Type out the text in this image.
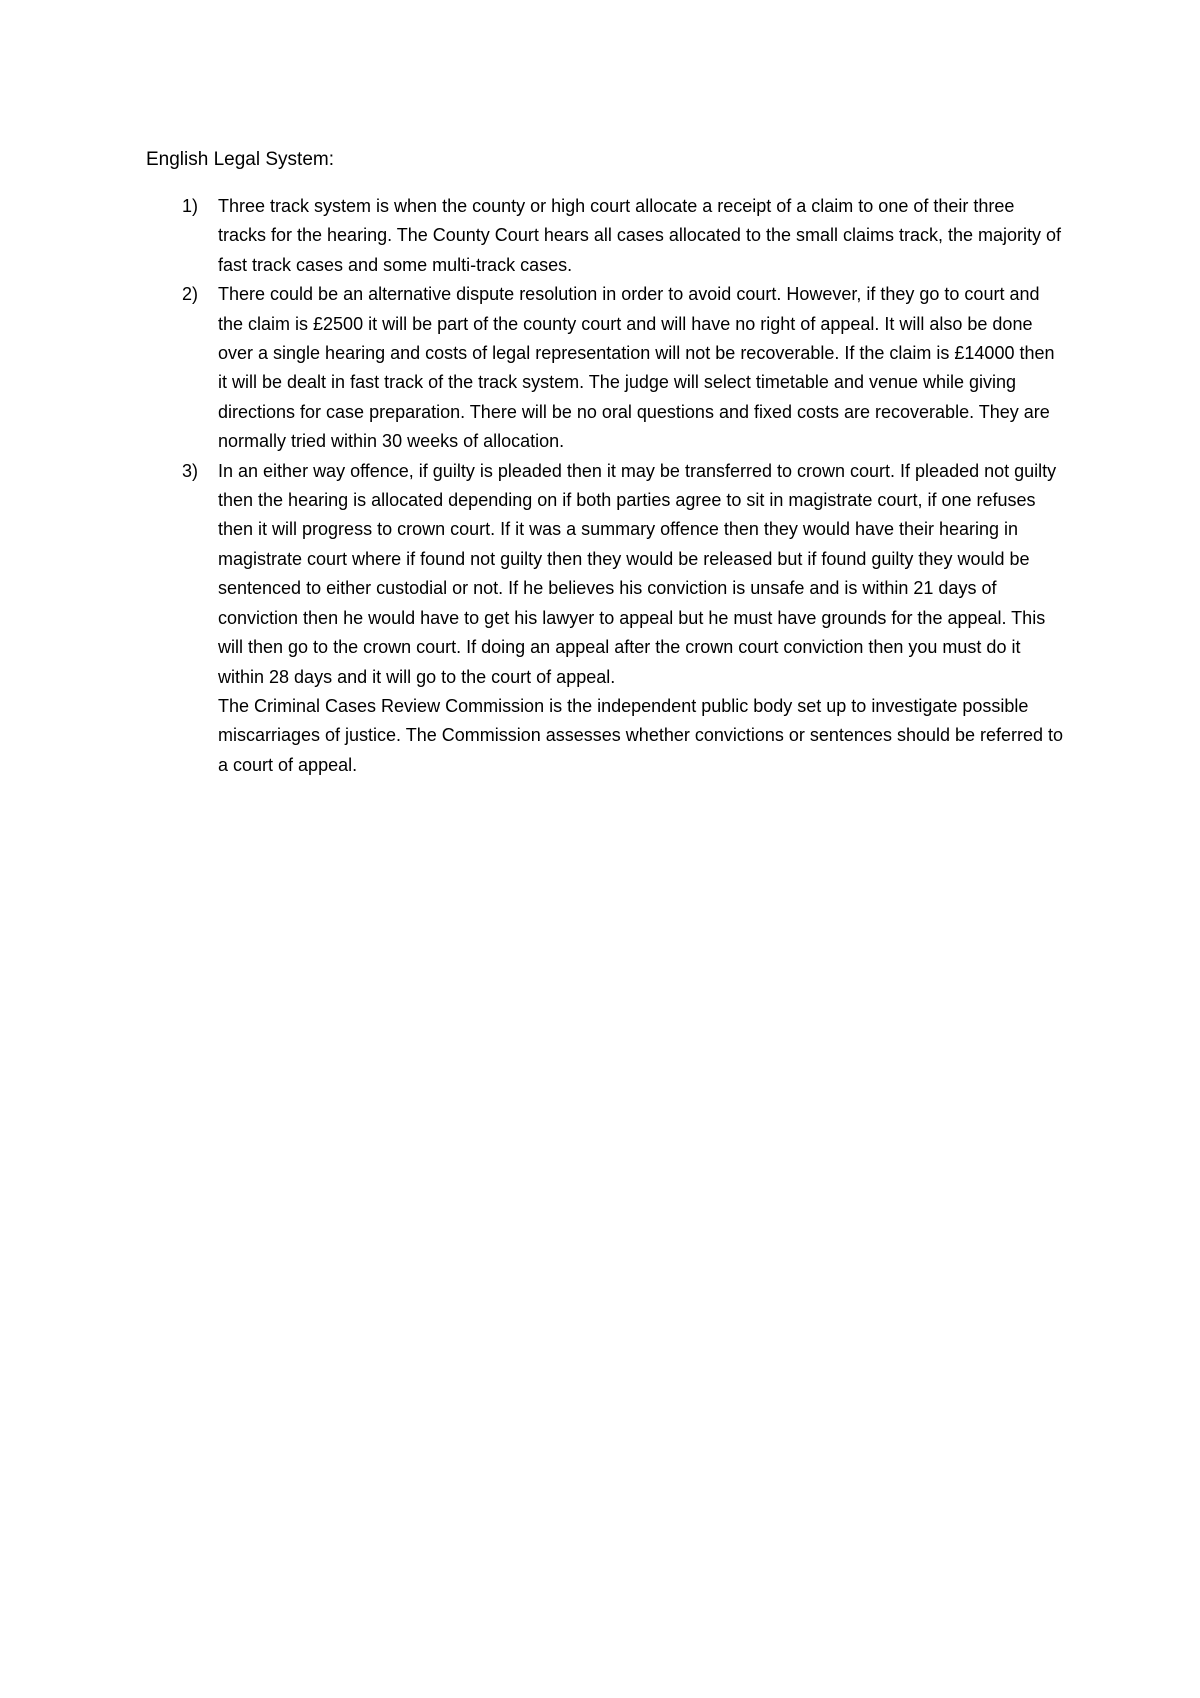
English Legal System:
1)	Three track system is when the county or high court allocate a receipt of a claim to one of their three tracks for the hearing. The County Court hears all cases allocated to the small claims track, the majority of fast track cases and some multi-track cases.
2)	There could be an alternative dispute resolution in order to avoid court. However, if they go to court and the claim is £2500 it will be part of the county court and will have no right of appeal. It will also be done over a single hearing and costs of legal representation will not be recoverable. If the claim is £14000 then it will be dealt in fast track of the track system. The judge will select timetable and venue while giving directions for case preparation. There will be no oral questions and fixed costs are recoverable. They are normally tried within 30 weeks of allocation.
3)	In an either way offence, if guilty is pleaded then it may be transferred to crown court. If pleaded not guilty then the hearing is allocated depending on if both parties agree to sit in magistrate court, if one refuses then it will progress to crown court. If it was a summary offence then they would have their hearing in magistrate court where if found not guilty then they would be released but if found guilty they would be sentenced to either custodial or not. If he believes his conviction is unsafe and is within 21 days of conviction then he would have to get his lawyer to appeal but he must have grounds for the appeal. This will then go to the crown court. If doing an appeal after the crown court conviction then you must do it within 28 days and it will go to the court of appeal.
The Criminal Cases Review Commission is the independent public body set up to investigate possible miscarriages of justice. The Commission assesses whether convictions or sentences should be referred to a court of appeal.
